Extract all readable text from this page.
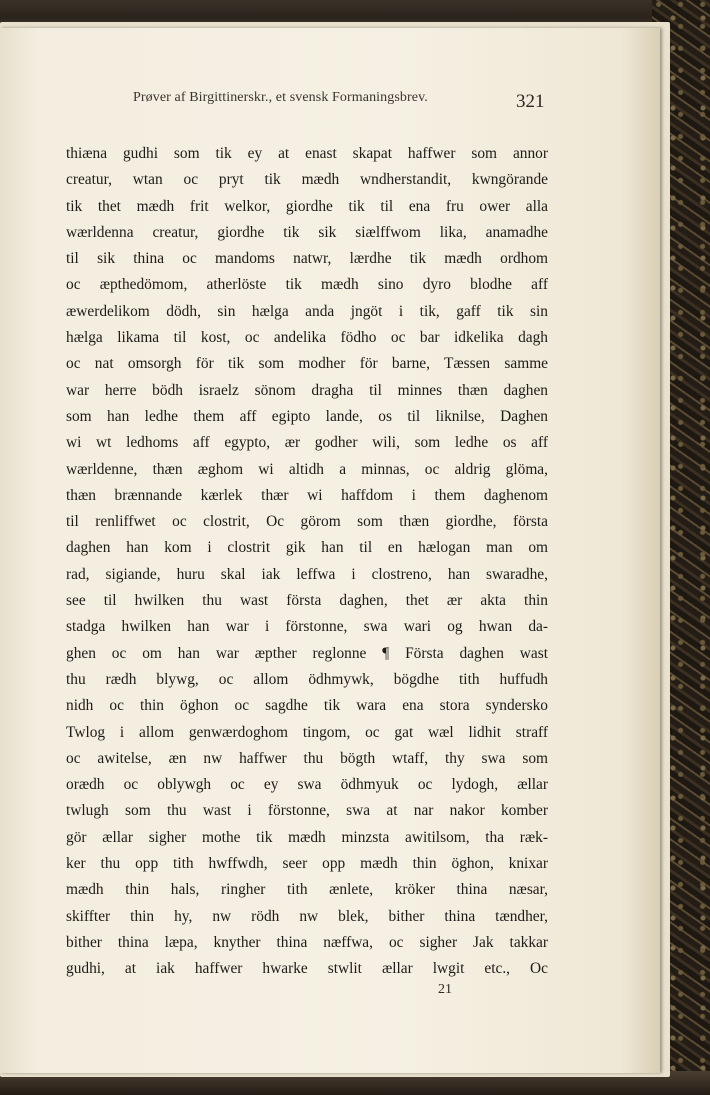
Prøver af Birgittinerskr., et svensk Formaningsbrev.	321
thiæna gudhi som tik ey at enast skapat haffwer som annor
creatur, wtan oc pryt tik mædh wndherstandit, kwngörande
tik thet mædh frit welkor, giordhe tik til ena fru ower alla
wærldenna creatur, giordhe tik sik siælffwom lika, anamadhe
til sik thina oc mandoms natwr, lærdhe tik mædh ordhom
oc æpthedömom, atherlöste tik mædh sino dyro blodhe aff
æwerdelikom dödh, sin hælga anda jngöt i tik, gaff tik sin
hælga likama til kost, oc andelika födho oc bar idkelika dagh
oc nat omsorgh för tik som modher för barne, Tæssen samme
war herre bödh israelz sönom dragha til minnes thæn daghen
som han ledhe them aff egipto lande, os til liknilse, Daghen
wi wt ledhoms aff egypto, ær godher wili, som ledhe os aff
wærldenne, thæn æghom wi altidh a minnas, oc aldrig glöma,
thæn brænnande kærlek thær wi haffdom i them daghenom
til renliffwet oc clostrit, Oc görom som thæn giordhe, första
daghen han kom i clostrit gik han til en hælogan man om
rad, sigiande, huru skal iak leffwa i clostreno, han swaradhe,
see til hwilken thu wast första daghen, thet ær akta thin
stadga hwilken han war i förstonne, swa wari og hwan da-
ghen oc om han war æpther reglonne ¶ Första daghen wast
thu rædh blywg, oc allom ödhmywk, bögdhe tith huffudh
nidh oc thin öghon oc sagdhe tik wara ena stora syndersko
Twlog i allom genwærdoghom tingom, oc gat wæl lidhit straff
oc awitelse, æn nw haffwer thu bögth wtaff, thy swa som
orædh oc oblywgh oc ey swa ödhmyuk oc lydogh, ællar
twlugh som thu wast i förstonne, swa at nar nakor komber
gör ællar sigher mothe tik mædh minzsta awitilsom, tha ræk-
ker thu opp tith hwffwdh, seer opp mædh thin öghon, knixar
mædh thin hals, ringher tith ænlete, kröker thina næsar,
skiffter thin hy, nw rödh nw blek, bither thina tændher,
bither thina læpa, knyther thina næffwa, oc sigher Jak takkar
gudhi, at iak haffwer hwarke stwlit ællar lwgit etc., Oc
21
